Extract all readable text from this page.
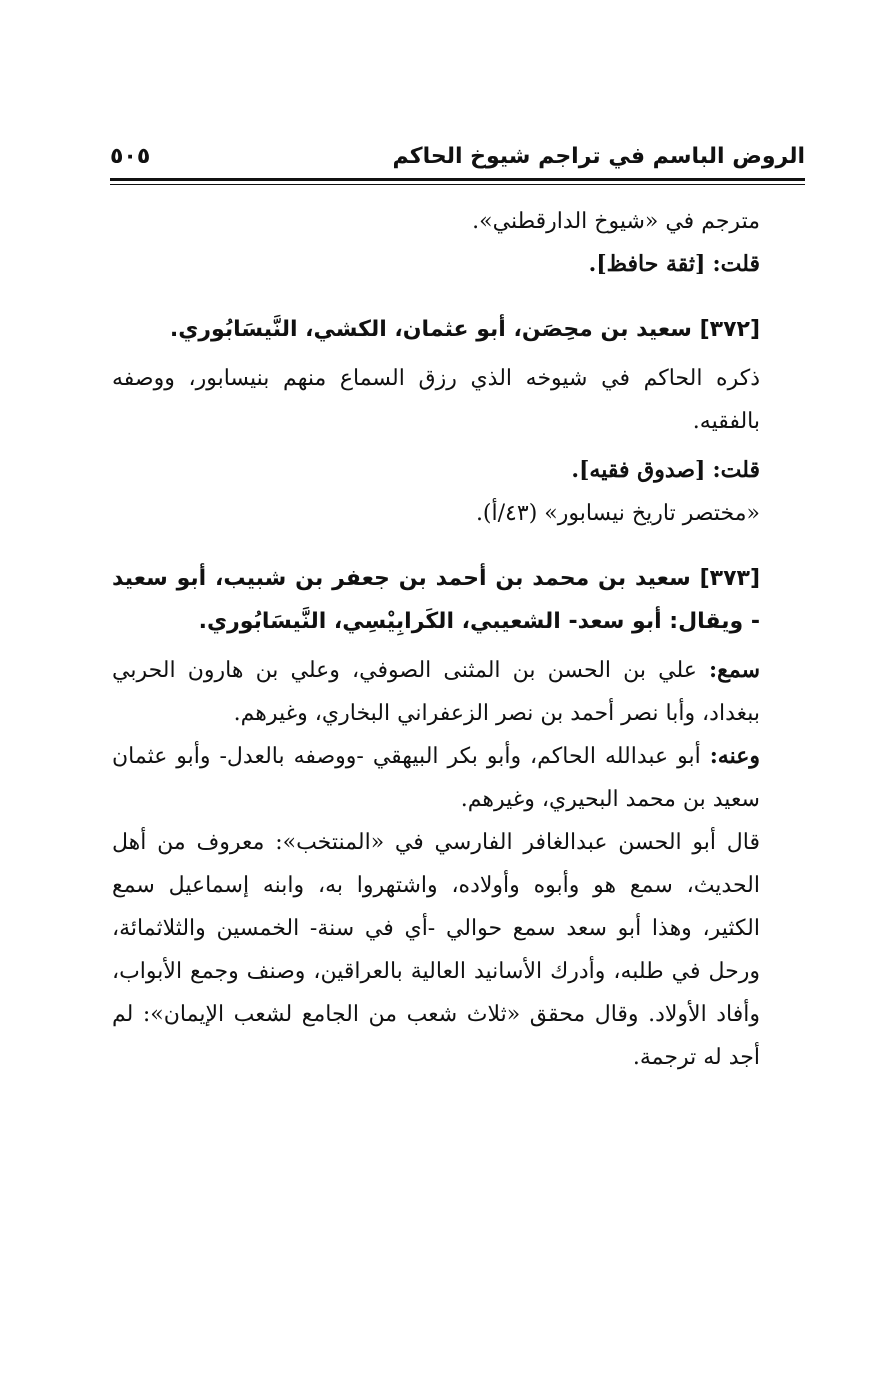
الروض الباسم في تراجم شيوخ الحاكم
٥٠٥

مترجم في «شيوخ الدارقطني».

قلت: [ثقة حافظ].

[٣٧٢] سعيد بن محِصَن، أبو عثمان، الكشي، النَّيسَابُوري.

ذكره الحاكم في شيوخه الذي رزق السماع منهم بنيسابور، ووصفه بالفقيه.

قلت: [صدوق فقيه].

«مختصر تاريخ نيسابور» (٤٣/أ).

[٣٧٣] سعيد بن محمد بن أحمد بن جعفر بن شبيب، أبو سعيد - ويقال: أبو سعد- الشعيبي، الكَرابِيْسِي، النَّيسَابُوري.

سمع: علي بن الحسن بن المثنى الصوفي، وعلي بن هارون الحربي ببغداد، وأبا نصر أحمد بن نصر الزعفراني البخاري، وغيرهم.

وعنه: أبو عبدالله الحاكم، وأبو بكر البيهقي -ووصفه بالعدل- وأبو عثمان سعيد بن محمد البحيري، وغيرهم.

قال أبو الحسن عبدالغافر الفارسي في «المنتخب»: معروف من أهل الحديث، سمع هو وأبوه وأولاده، واشتهروا به، وابنه إسماعيل سمع الكثير، وهذا أبو سعد سمع حوالي -أي في سنة- الخمسين والثلاثمائة، ورحل في طلبه، وأدرك الأسانيد العالية بالعراقين، وصنف وجمع الأبواب، وأفاد الأولاد. وقال محقق «ثلاث شعب من الجامع لشعب الإيمان»: لم أجد له ترجمة.
